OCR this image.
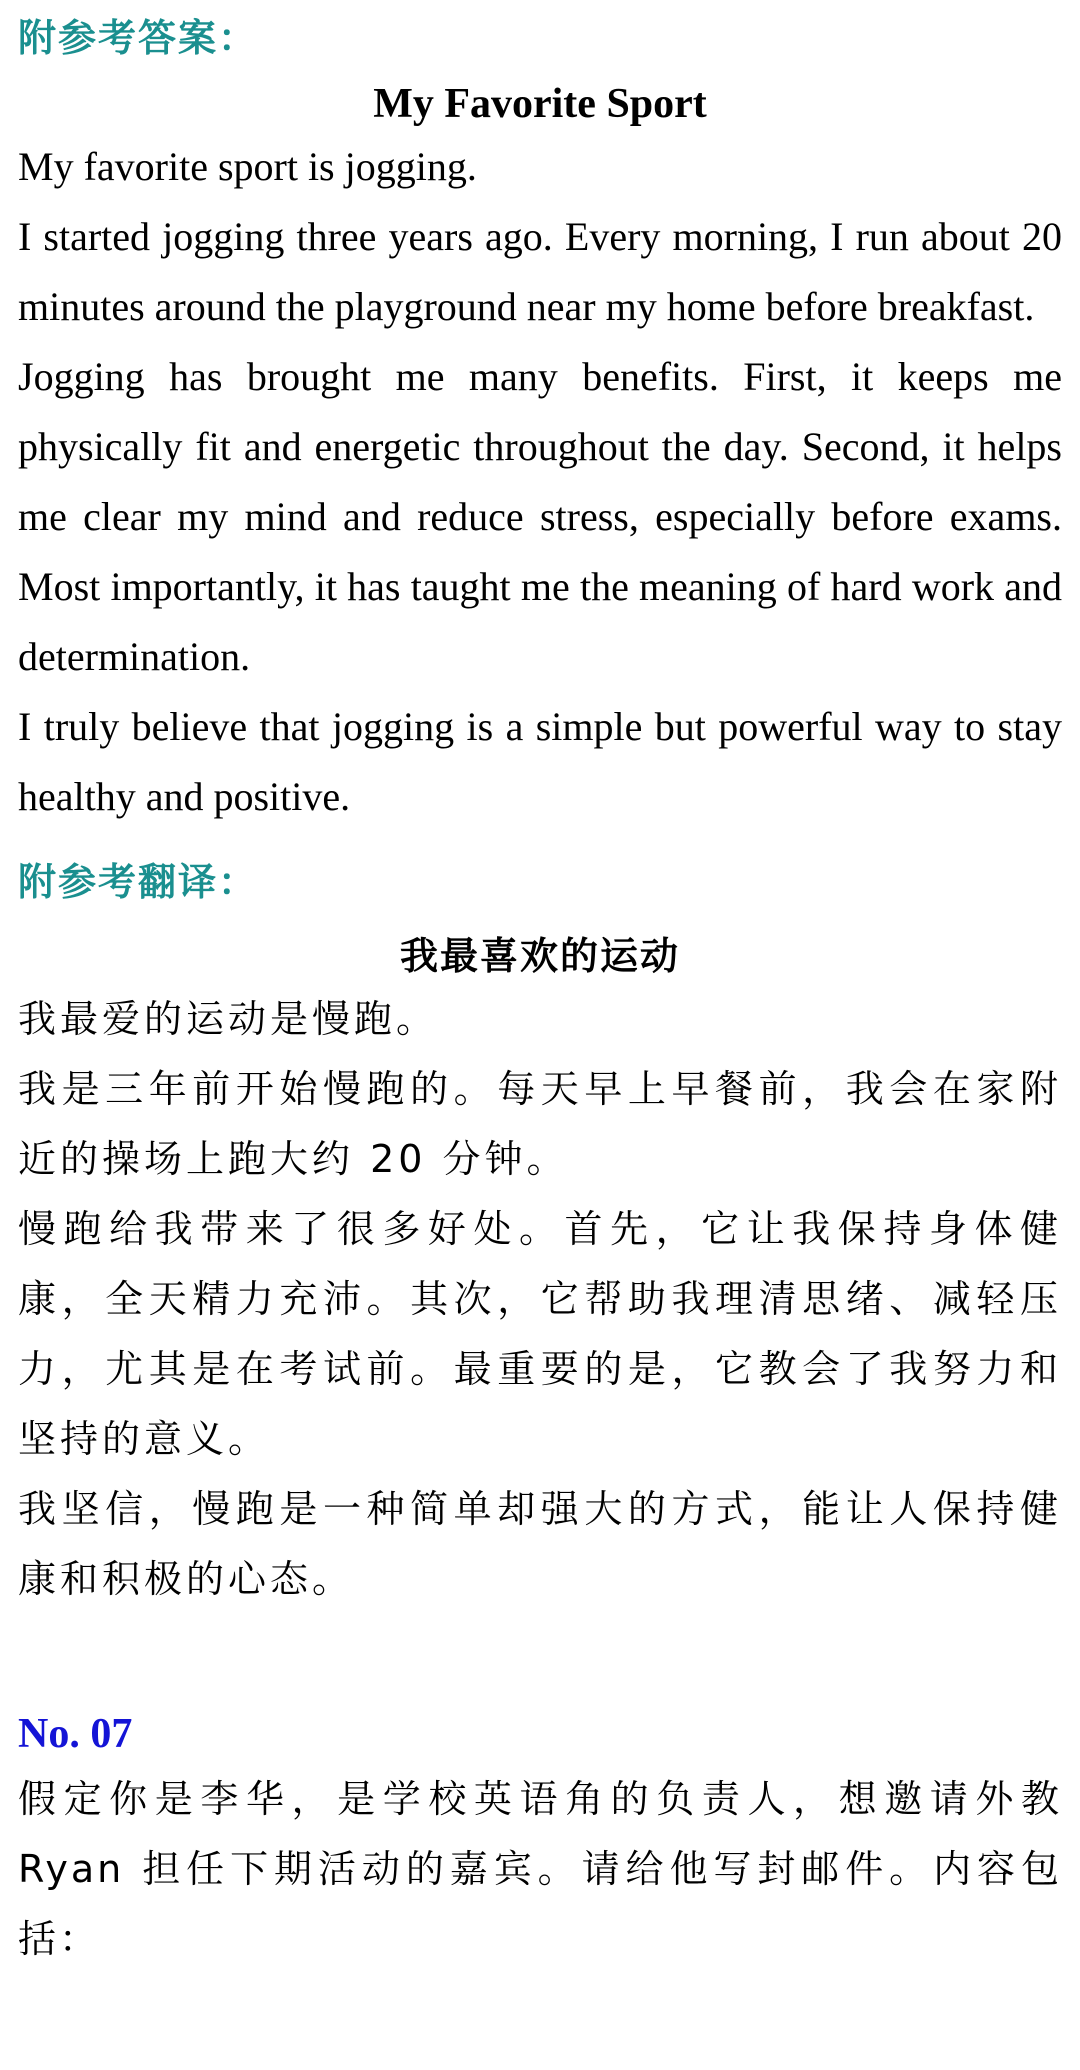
附参考答案：

My Favorite Sport

My favorite sport is jogging.

I started jogging three years ago. Every morning, I run about 20 minutes around the playground near my home before breakfast.

Jogging has brought me many benefits. First, it keeps me physically fit and energetic throughout the day. Second, it helps me clear my mind and reduce stress, especially before exams. Most importantly, it has taught me the meaning of hard work and determination.

I truly believe that jogging is a simple but powerful way to stay healthy and positive.

附参考翻译：

我最喜欢的运动

我最爱的运动是慢跑。

我是三年前开始慢跑的。每天早上早餐前，我会在家附近的操场上跑大约 20 分钟。

慢跑给我带来了很多好处。首先，它让我保持身体健康，全天精力充沛。其次，它帮助我理清思绪、减轻压力，尤其是在考试前。最重要的是，它教会了我努力和坚持的意义。

我坚信，慢跑是一种简单却强大的方式，能让人保持健康和积极的心态。

No. 07

假定你是李华，是学校英语角的负责人，想邀请外教 Ryan 担任下期活动的嘉宾。请给他写封邮件。内容包括：
